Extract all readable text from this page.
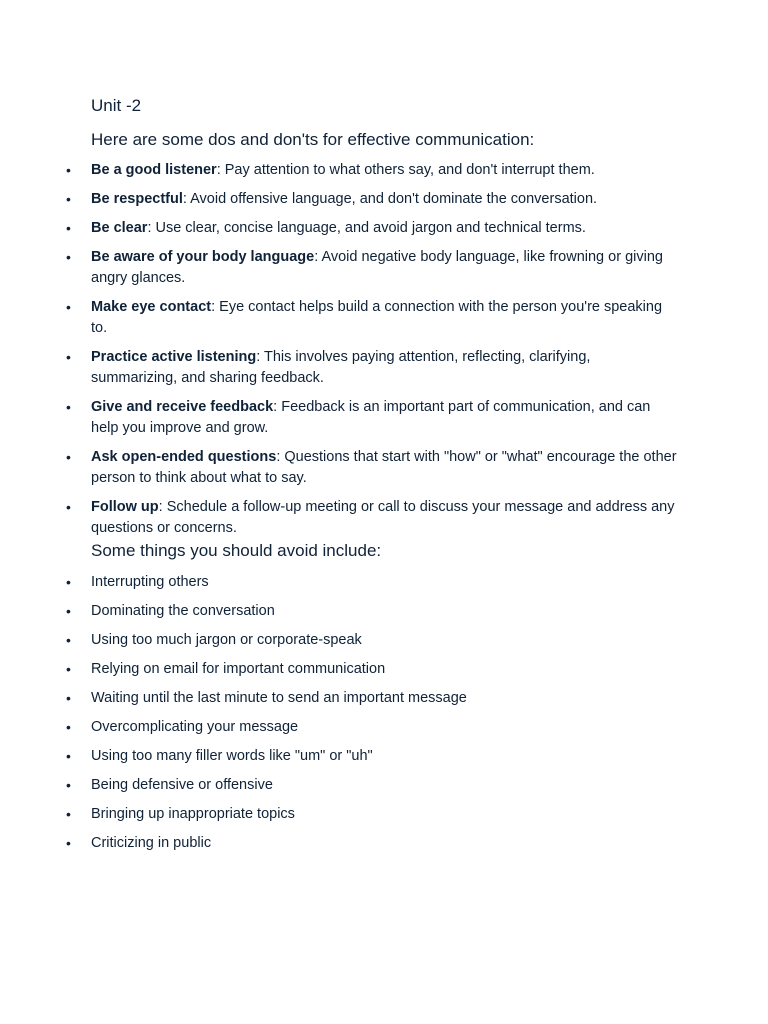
Unit -2

Here are some dos and don'ts for effective communication:

• Be a good listener: Pay attention to what others say, and don't interrupt them.
• Be respectful: Avoid offensive language, and don't dominate the conversation.
• Be clear: Use clear, concise language, and avoid jargon and technical terms.
• Be aware of your body language: Avoid negative body language, like frowning or giving angry glances.
• Make eye contact: Eye contact helps build a connection with the person you're speaking to.
• Practice active listening: This involves paying attention, reflecting, clarifying, summarizing, and sharing feedback.
• Give and receive feedback: Feedback is an important part of communication, and can help you improve and grow.
• Ask open-ended questions: Questions that start with "how" or "what" encourage the other person to think about what to say.
• Follow up: Schedule a follow-up meeting or call to discuss your message and address any questions or concerns.

Some things you should avoid include:

• Interrupting others
• Dominating the conversation
• Using too much jargon or corporate-speak
• Relying on email for important communication
• Waiting until the last minute to send an important message
• Overcomplicating your message
• Using too many filler words like "um" or "uh"
• Being defensive or offensive
• Bringing up inappropriate topics
• Criticizing in public
